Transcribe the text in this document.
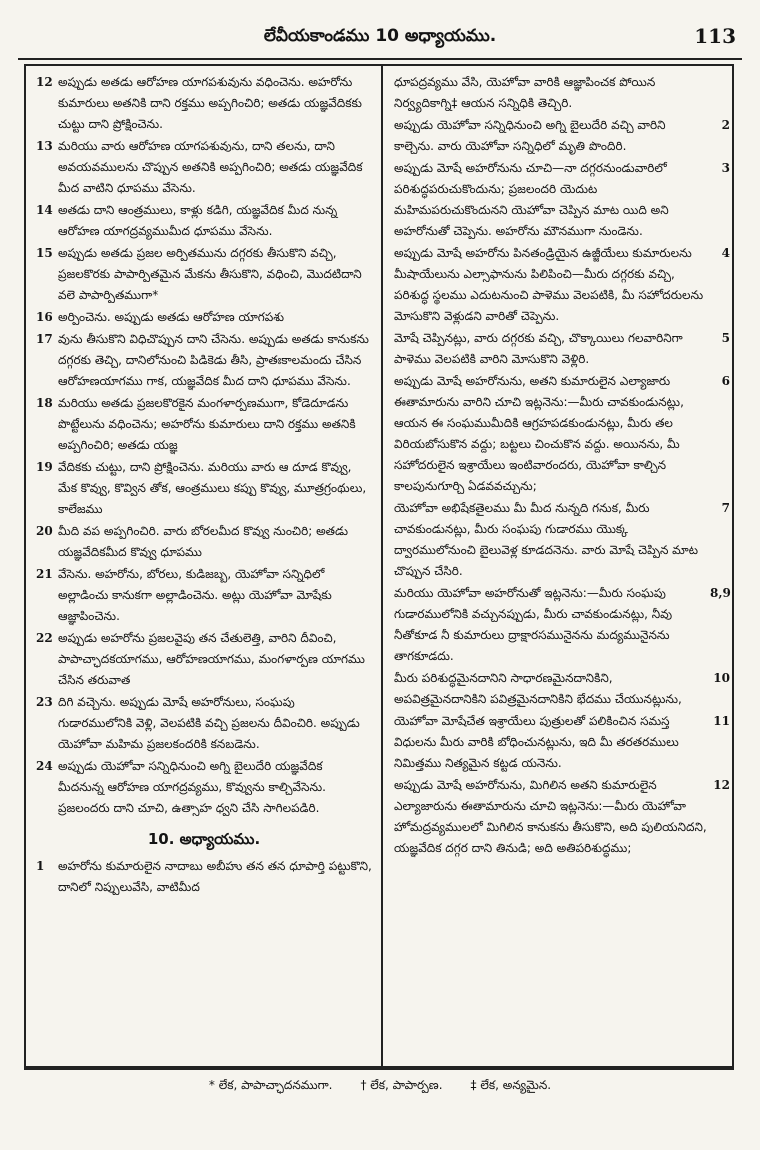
లేవీయకాండము 10 అధ్యాయము.	113
12 అప్పుడు అతడు ఆరోహణ యాగపశువును వధించెను. అహరోను కుమారులు అతనికి దాని రక్తము అప్పగించిరి; అతడు యజ్ఞవేదికకు చుట్టు దాని ప్రోక్షించెను.
13 మరియు వారు ఆరోహణ యాగపశువును, దాని తలను, దాని అవయవములను చొప్పున అతనికి అప్పగించిరి; అతడు యజ్ఞవేదిక మీద వాటిని ధూపము వేసెను.
14 అతడు దాని ఆంత్రములు, కాళ్లు కడిగి, యజ్ఞవేదిక మీద నున్న ఆరోహణ యాగద్రవ్యముమీద ధూపము వేసెను.
15 అప్పుడు అతడు ప్రజల అర్పితమును దగ్గరకు తీసుకొని వచ్చి, ప్రజలకొరకు పాపార్పితమైన మేకను తీసుకొని, వధించి, మొదటిదాని వలె పాపార్పితముగా*
16 అర్పించెను. అప్పుడు అతడు ఆరోహణ యాగపశు
17 వును తీసుకొని విధిచొప్పున దాని చేసెను. అప్పుడు అతడు కానుకను దగ్గరకు తెచ్చి, దానిలోనుంచి పిడికెడు తీసి, ప్రాతఃకాలమందు చేసిన ఆరోహణయాగము గాక, యజ్ఞవేదిక మీద దాని ధూపము వేసెను.
18 మరియు అతడు ప్రజలకొరకైన మంగళార్పణముగా, కోడెదూడను పొట్టేలును వధించెను; అహరోను కుమారులు దాని రక్తము అతనికి అప్పగించిరి; అతడు యజ్ఞ
19 వేదికకు చుట్టు, దాని ప్రోక్షించెను. మరియు వారు ఆ దూడ కొవ్వు, మేక కొవ్వు, కొవ్విన తోక, ఆంత్రములు కప్పు కొవ్వు, మూత్రగ్రంథులు, కాలేజము
20 మీది వప అప్పగించిరి. వారు బోరలమీద కొవ్వు నుంచిరి; అతడు యజ్ఞవేదికమీద కొవ్వు ధూపము
21 వేసెను. అహరోను, బోరలు, కుడిజబ్బ, యెహోవా సన్నిధిలో అల్లాడించు కానుకగా అల్లాడించెను. అట్లు యెహోవా మోషేకు ఆజ్ఞాపించెను.
22 అప్పుడు అహరోను ప్రజలవైపు తన చేతులెత్తి, వారిని దీవించి, పాపాచ్ఛాదకయాగము, ఆరోహణయాగము, మంగళార్పణ యాగము చేసిన తరువాత
23 దిగి వచ్చెను. అప్పుడు మోషే అహరోనులు, సంఘపు గుడారములోనికి వెళ్లి, వెలపటికి వచ్చి ప్రజలను దీవించిరి. అప్పుడు యెహోవా మహిమ ప్రజలకందరికి కనబడెను.
24 అప్పుడు యెహోవా సన్నిధినుంచి అగ్ని బైలుదేరి యజ్ఞవేదిక మీదనున్న ఆరోహణ యాగద్రవ్యము, కొవ్వును కాల్చివేసెను. ప్రజలందరు దాని చూచి, ఉత్సాహ ధ్వని చేసి సాగిలపడిరి.
10. అధ్యాయము.
1	అహరోను కుమారులైన నాదాబు అబీహు తన తన ధూపార్తి పట్టుకొని, దానిలో నిప్పులువేసి, వాటిమీద
ధూపద్రవ్యము వేసి, యెహోవా వారికి ఆజ్ఞాపించక పోయిన నిర్వ్యదికాగ్ని‡ ఆయన సన్నిధికి తెచ్చిరి.
2
అప్పుడు యెహోవా సన్నిధినుంచి అగ్ని బైలుదేరి వచ్చి వారిని కాల్చెను. వారు యెహోవా సన్నిధిలో మృతి పొందిరి.
3
అప్పుడు మోషే అహరోనును చూచి—నా దగ్గరనుండువారిలో పరిశుద్ధపరుచుకొందును; ప్రజలందరి యెదుట మహిమపరుచుకొందునని యెహోవా చెప్పిన మాట యిది అని అహరోనుతో చెప్పెను. అహరోను మౌనముగా నుండెను.
4
అప్పుడు మోషే అహరోను పినతండ్రియైన ఉజ్జీయేలు కుమారులను మీషాయేలును ఎల్సాఫానును పిలిపించి—మీరు దగ్గరకు వచ్చి, పరిశుద్ధ స్థలము ఎదుటనుంచి పాళెము వెలపటికి, మీ సహోదరులను మోసుకొని వెళ్లుడని వారితో చెప్పెను.
5
మోషే చెప్పినట్లు, వారు దగ్గరకు వచ్చి, చొక్కాయిలు గలవారినిగా పాళెము వెలపటికి వారిని మోసుకొని వెళ్లిరి.
6
అప్పుడు మోషే అహరోనును, అతని కుమారులైన ఎల్యాజారు ఈతామారును వారిని చూచి ఇట్లనెను:—మీరు చావకుండునట్లు, ఆయన ఈ సంఘముమీదికి ఆగ్రహపడకుండునట్లు, మీరు తల విరియబోసుకొన వద్దు; బట్టలు చించుకొన వద్దు. అయినను, మీ సహోదరులైన ఇశ్రాయేలు ఇంటివారందరు, యెహోవా కాల్చిన కాలపునుగూర్చి ఏడవవచ్చును;
7
యెహోవా అభిషేకతైలము మీ మీద నున్నది గనుక, మీరు చావకుండునట్లు, మీరు సంఘపు గుడారము యొక్క ద్వారములోనుంచి బైలువెళ్ల కూడదనెను. వారు మోషే చెప్పిన మాట చొప్పున చేసిరి.
8,9
మరియు యెహోవా అహరోనుతో ఇట్లనెను:—మీరు సంఘపు గుడారములోనికి వచ్చునప్పుడు, మీరు చావకుండునట్లు, నీవు నీతోకూడ నీ కుమారులు ద్రాక్షారసమునైనను మద్యమునైనను తాగకూడదు.
10
మీరు పరిశుద్ధమైనదానిని సాధారణమైనదానికిని, అపవిత్రమైనదానికిని పవిత్రమైనదానికిని భేదము చేయునట్లును,
11
యెహోవా మోషేచేత ఇశ్రాయేలు పుత్రులతో పలికించిన సమస్త విధులను మీరు వారికి బోధించునట్లును, ఇది మీ తరతరములు నిమిత్తము నిత్యమైన కట్టడ యనెను.
12
అప్పుడు మోషే అహరోనును, మిగిలిన అతని కుమారులైన ఎల్యాజారును ఈతామారును చూచి ఇట్లనెను:—మీరు యెహోవా హోమద్రవ్యములలో మిగిలిన కానుకను తీసుకొని, అది పులియనిదని, యజ్ఞవేదిక దగ్గర దాని తినుడి; అది అతిపరిశుద్ధము;
* లేక, పాపాచ్ఛాదనముగా. † లేక, పాపార్పణ. ‡ లేక, అన్యమైన.
